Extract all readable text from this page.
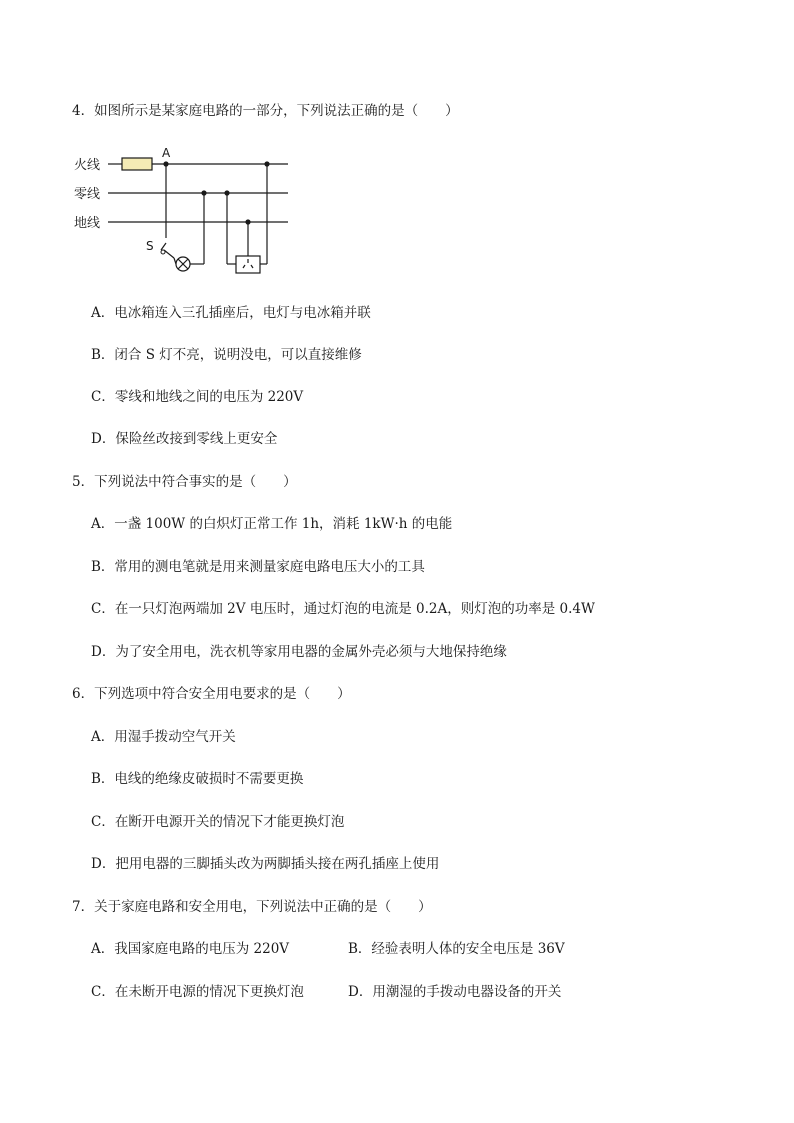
4．如图所示是某家庭电路的一部分，下列说法正确的是（　　）
火线
零线
地线
A
S
A．电冰箱连入三孔插座后，电灯与电冰箱并联
B．闭合 S 灯不亮，说明没电，可以直接维修
C．零线和地线之间的电压为 220V
D．保险丝改接到零线上更安全
5．下列说法中符合事实的是（　　）
A．一盏 100W 的白炽灯正常工作 1h，消耗 1kW·h 的电能
B．常用的测电笔就是用来测量家庭电路电压大小的工具
C．在一只灯泡两端加 2V 电压时，通过灯泡的电流是 0.2A，则灯泡的功率是 0.4W
D．为了安全用电，洗衣机等家用电器的金属外壳必须与大地保持绝缘
6．下列选项中符合安全用电要求的是（　　）
A．用湿手拨动空气开关
B．电线的绝缘皮破损时不需要更换
C．在断开电源开关的情况下才能更换灯泡
D．把用电器的三脚插头改为两脚插头接在两孔插座上使用
7．关于家庭电路和安全用电，下列说法中正确的是（　　）
A．我国家庭电路的电压为 220V	B．经验表明人体的安全电压是 36V
C．在未断开电源的情况下更换灯泡	D．用潮湿的手拨动电器设备的开关
